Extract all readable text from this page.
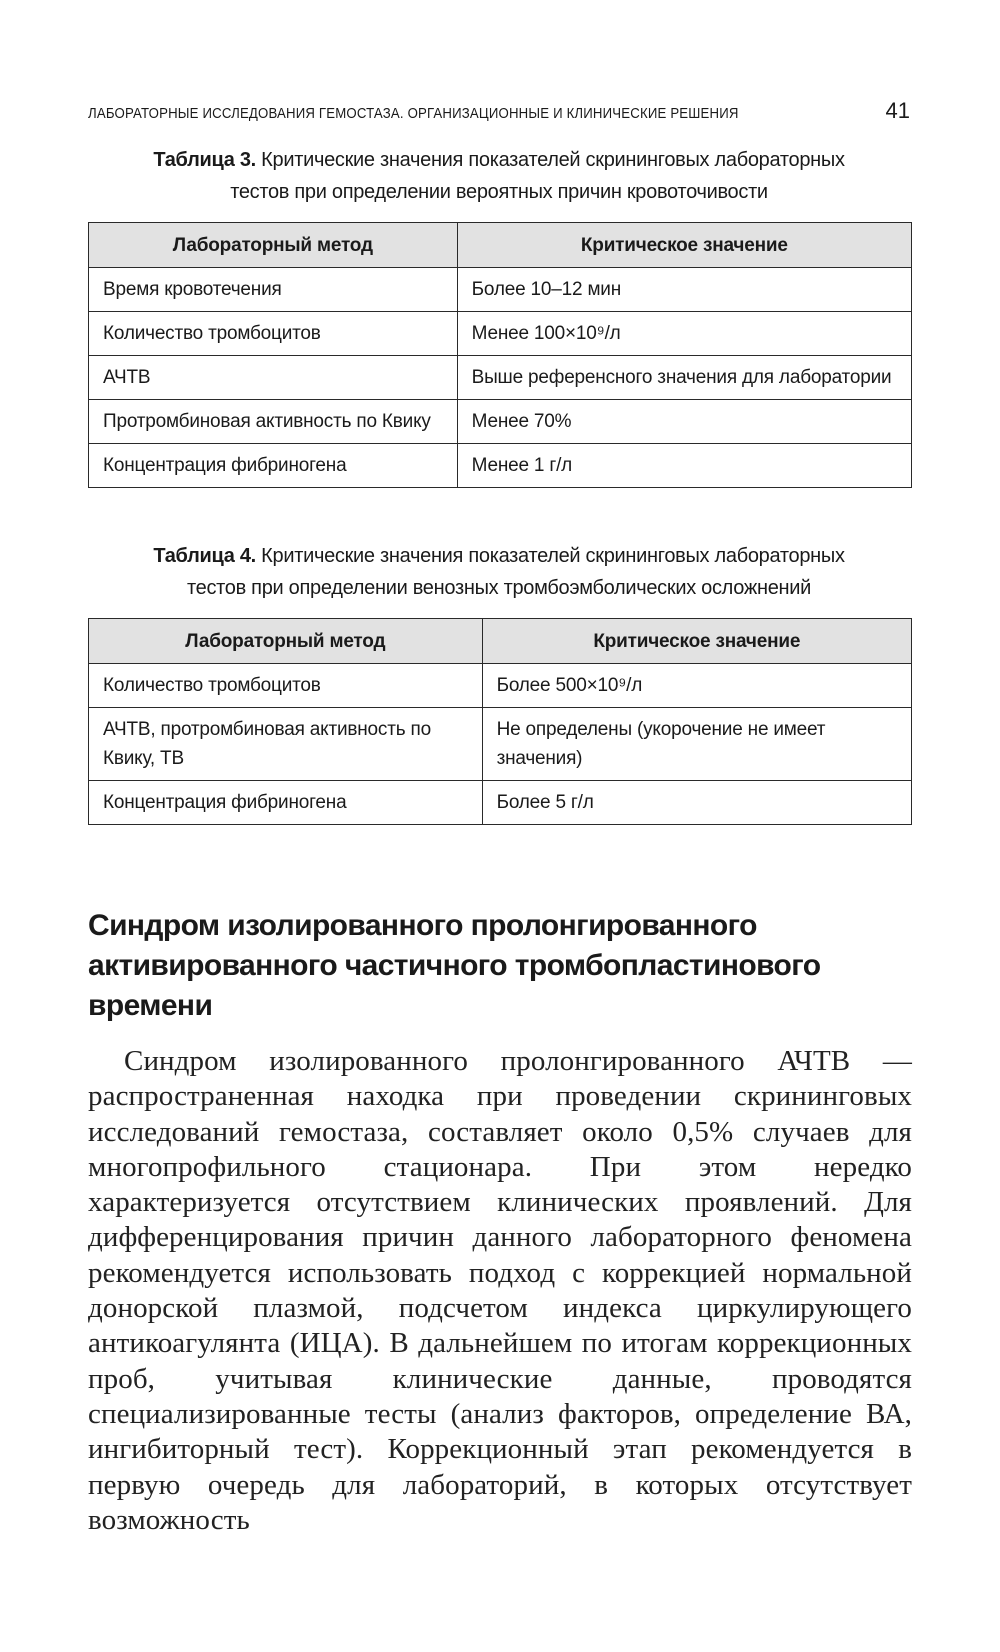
ЛАБОРАТОРНЫЕ ИССЛЕДОВАНИЯ ГЕМОСТАЗА. ОРГАНИЗАЦИОННЫЕ И КЛИНИЧЕСКИЕ РЕШЕНИЯ	41
Таблица 3. Критические значения показателей скрининговых лабораторных
тестов при определении вероятных причин кровоточивости
Лабораторный метод	Критическое значение
Время кровотечения	Более 10–12 мин
Количество тромбоцитов	Менее 100×10⁹/л
АЧТВ	Выше референсного значения для лаборатории
Протромбиновая активность по Квику	Менее 70%
Концентрация фибриногена	Менее 1 г/л
Таблица 4. Критические значения показателей скрининговых лабораторных
тестов при определении венозных тромбоэмболических осложнений
Лабораторный метод	Критическое значение
Количество тромбоцитов	Более 500×10⁹/л
АЧТВ, протромбиновая активность по Квику, ТВ	Не определены (укорочение не имеет значения)
Концентрация фибриногена	Более 5 г/л
Синдром изолированного пролонгированного активированного частичного тромбопластинового времени

Синдром изолированного пролонгированного АЧТВ — распространенная находка при проведении скрининговых исследований гемостаза, составляет около 0,5% случаев для многопрофильного стационара. При этом нередко характеризуется отсутствием клинических проявлений. Для дифференцирования причин данного лабораторного феномена рекомендуется использовать подход с коррекцией нормальной донорской плазмой, подсчетом индекса циркулирующего антикоагулянта (ИЦА). В дальнейшем по итогам коррекционных проб, учитывая клинические данные, проводятся специализированные тесты (анализ факторов, определение ВА, ингибиторный тест). Коррекционный этап рекомендуется в первую очередь для лабораторий, в которых отсутствует возможность
